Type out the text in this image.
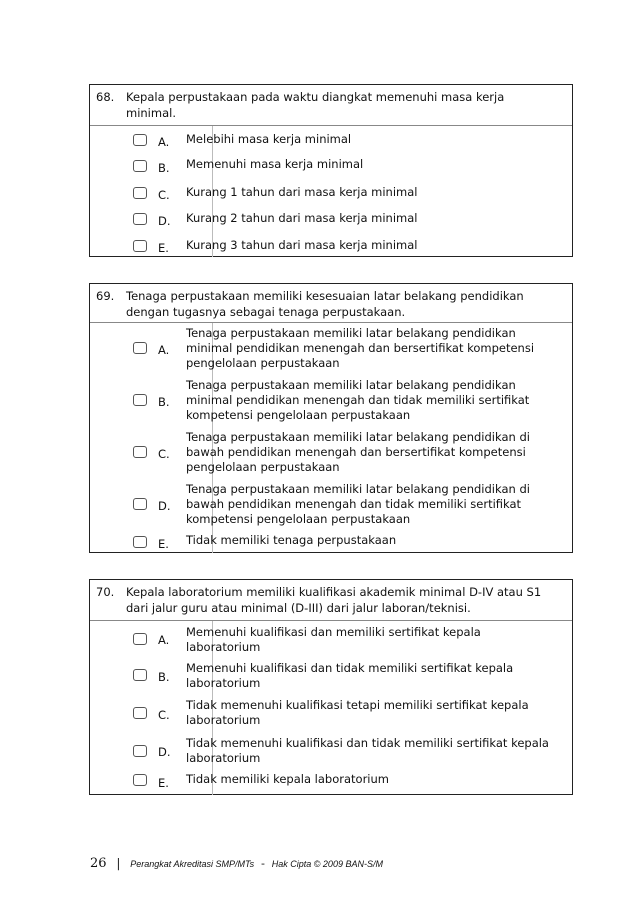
68. Kepala perpustakaan pada waktu diangkat memenuhi masa kerja
minimal.
A. Melebihi masa kerja minimal
B. Memenuhi masa kerja minimal
C. Kurang 1 tahun dari masa kerja minimal
D. Kurang 2 tahun dari masa kerja minimal
E. Kurang 3 tahun dari masa kerja minimal
69. Tenaga perpustakaan memiliki kesesuaian latar belakang pendidikan
dengan tugasnya sebagai tenaga perpustakaan.
A.
Tenaga perpustakaan memiliki latar belakang pendidikan
minimal pendidikan menengah dan bersertifikat kompetensi
pengelolaan perpustakaan
B.
Tenaga perpustakaan memiliki latar belakang pendidikan
minimal pendidikan menengah dan tidak memiliki sertifikat
kompetensi pengelolaan perpustakaan
C.
Tenaga perpustakaan memiliki latar belakang pendidikan di
bawah pendidikan menengah dan bersertifikat kompetensi
pengelolaan perpustakaan
D.
Tenaga perpustakaan memiliki latar belakang pendidikan di
bawah pendidikan menengah dan tidak memiliki sertifikat
kompetensi pengelolaan perpustakaan
E. Tidak memiliki tenaga perpustakaan
70. Kepala laboratorium memiliki kualifikasi akademik minimal D-IV atau S1
dari jalur guru atau minimal (D-III) dari jalur laboran/teknisi.
A.
Memenuhi kualifikasi dan memiliki sertifikat kepala
laboratorium
B.
Memenuhi kualifikasi dan tidak memiliki sertifikat kepala
laboratorium
C.
Tidak memenuhi kualifikasi tetapi memiliki sertifikat kepala
laboratorium
D.
Tidak memenuhi kualifikasi dan tidak memiliki sertifikat kepala
laboratorium
E. Tidak memiliki kepala laboratorium
26 | Perangkat Akreditasi SMP/MTs - Hak Cipta © 2009 BAN-S/M
